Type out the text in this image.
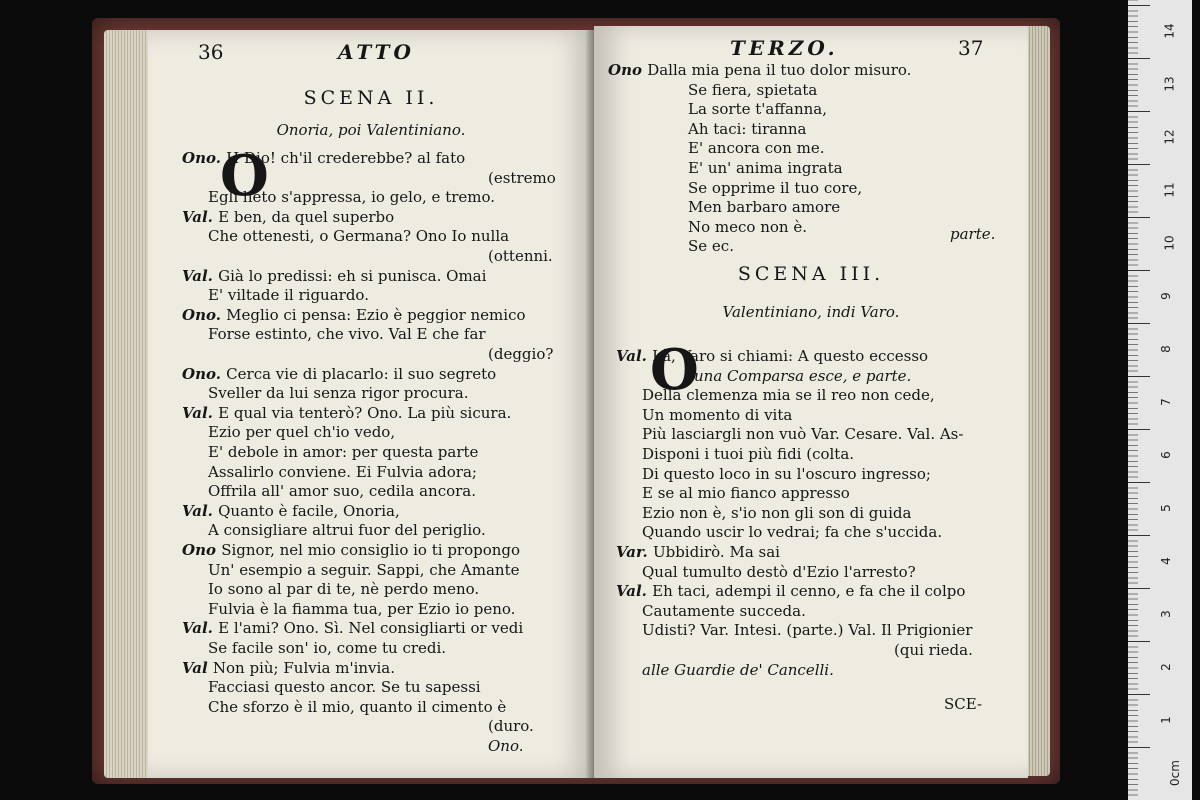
36	ATTO
SCENA II.
Onoria, poi Valentiniano.
O
Ono. H Dio! ch'il crederebbe? al fato
(estremo
Egli lieto s'appressa, io gelo, e tremo.
Val. E ben, da quel superbo
Che ottenesti, o Germana? Ono Io nulla
(ottenni.
Val. Già lo predissi: eh si punisca. Omai
E' viltade il riguardo.
Ono. Meglio ci pensa: Ezio è peggior nemico
Forse estinto, che vivo. Val E che far
(deggio?
Ono. Cerca vie di placarlo: il suo segreto
Sveller da lui senza rigor procura.
Val. E qual via tenterò? Ono. La più sicura.
Ezio per quel ch'io vedo,
E' debole in amor: per questa parte
Assalirlo conviene. Ei Fulvia adora;
Offrila all' amor suo, cedila ancora.
Val. Quanto è facile, Onoria,
A consigliare altrui fuor del periglio.
Ono Signor, nel mio consiglio io ti propongo
Un' esempio a seguir. Sappi, che Amante
Io sono al par di te, nè perdo meno.
Fulvia è la fiamma tua, per Ezio io peno.
Val. E l'ami? Ono. Sì. Nel consigliarti or vedi
Se facile son' io, come tu credi.
Val Non più; Fulvia m'invia.
Facciasi questo ancor. Se tu sapessi
Che sforzo è il mio, quanto il cimento è
(duro.
Ono.
TERZO.	37
Ono Dalla mia pena il tuo dolor misuro.
Se fiera, spietata
La sorte t'affanna,
Ah taci: tiranna
E' ancora con me.
E' un' anima ingrata
Se opprime il tuo core,
Men barbaro amore
No meco non è.
Se ec.
parte.
SCENA III.
Valentiniano, indi Varo.
O
Val. Là, Varo si chiami: A questo eccesso
una Comparsa esce, e parte.
Della clemenza mia se il reo non cede,
Un momento di vita
Più lasciargli non vuò Var. Cesare. Val. As-
Disponi i tuoi più fidi (colta.
Di questo loco in su l'oscuro ingresso;
E se al mio fianco appresso
Ezio non è, s'io non gli son di guida
Quando uscir lo vedrai; fa che s'uccida.
Var. Ubbidirò. Ma sai
Qual tumulto destò d'Ezio l'arresto?
Val. Eh taci, adempi il cenno, e fa che il colpo
Cautamente succeda.
Udisti? Var. Intesi. (parte.) Val. Il Prigionier
(qui rieda.
alle Guardie de' Cancelli.
SCE-
14
13
12
11
10
9
8
7
6
5
4
3
2
1
0cm
